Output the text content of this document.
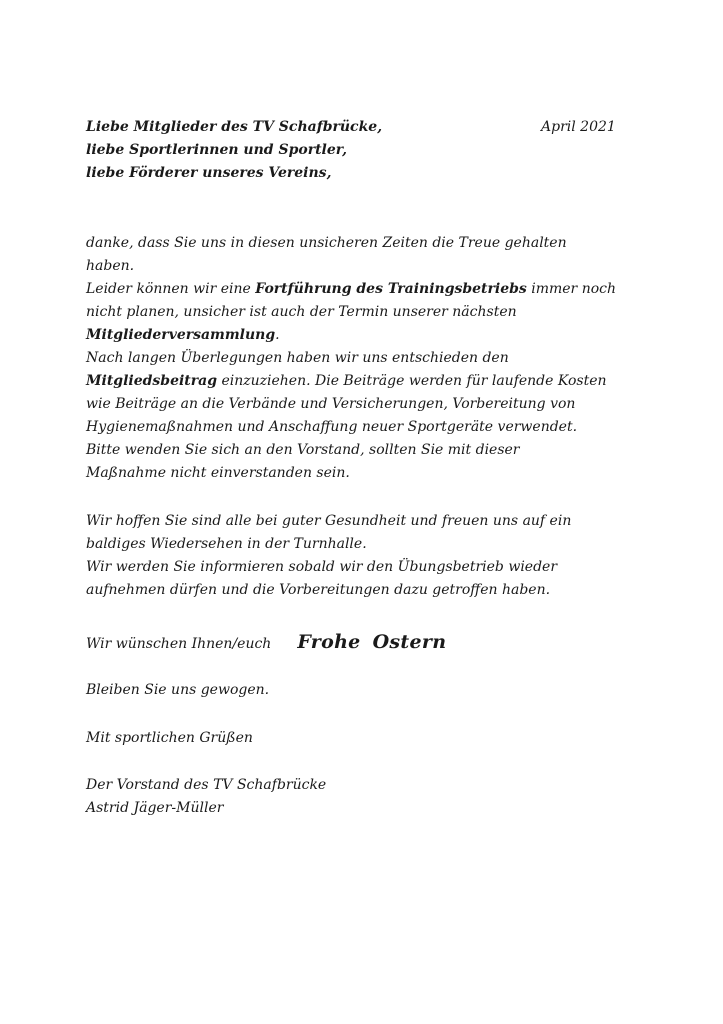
Liebe Mitglieder des TV Schafbrücke,	April 2021
liebe Sportlerinnen und Sportler,
liebe Förderer unseres Vereins,
danke, dass Sie uns in diesen unsicheren Zeiten die Treue gehalten
haben.
Leider können wir eine Fortführung des Trainingsbetriebs immer noch
nicht planen, unsicher ist auch der Termin unserer nächsten
Mitgliederversammlung.
Nach langen Überlegungen haben wir uns entschieden den
Mitgliedsbeitrag einzuziehen. Die Beiträge werden für laufende Kosten
wie Beiträge an die Verbände und Versicherungen, Vorbereitung von
Hygienemaßnahmen und Anschaffung neuer Sportgeräte verwendet.
Bitte wenden Sie sich an den Vorstand, sollten Sie mit dieser
Maßnahme nicht einverstanden sein.
Wir hoffen Sie sind alle bei guter Gesundheit und freuen uns auf ein
baldiges Wiedersehen in der Turnhalle.
Wir werden Sie informieren sobald wir den Übungsbetrieb wieder
aufnehmen dürfen und die Vorbereitungen dazu getroffen haben.
Wir wünschen Ihnen/euch Frohe Ostern
Bleiben Sie uns gewogen.
Mit sportlichen Grüßen
Der Vorstand des TV Schafbrücke
Astrid Jäger-Müller
